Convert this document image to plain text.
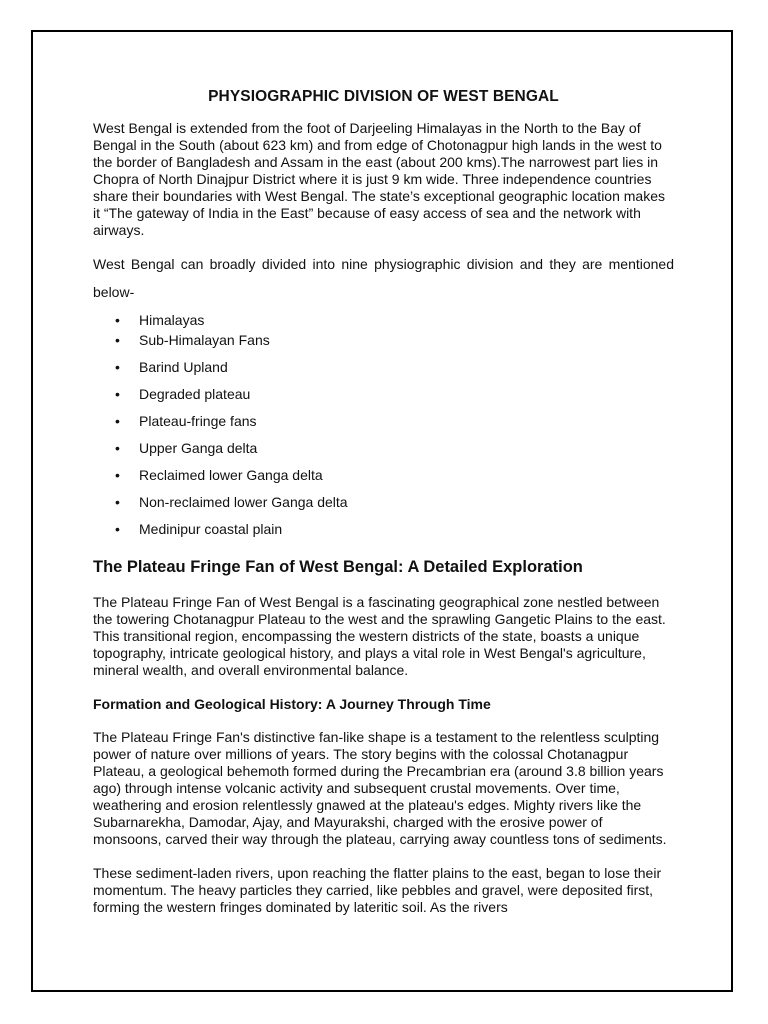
PHYSIOGRAPHIC DIVISION OF WEST BENGAL

West Bengal is extended from the foot of Darjeeling Himalayas in the North to the Bay of Bengal in the South (about 623 km) and from edge of Chotonagpur high lands in the west to the border of Bangladesh and Assam in the east (about 200 kms).The narrowest part lies in Chopra of North Dinajpur District where it is just 9 km wide. Three independence countries share their boundaries with West Bengal. The state’s exceptional geographic location makes it “The gateway of India in the East” because of easy access of sea and the network with airways.

West Bengal can broadly divided into nine physiographic division and they are mentioned below-

• Himalayas
• Sub-Himalayan Fans
• Barind Upland
• Degraded plateau
• Plateau-fringe fans
• Upper Ganga delta
• Reclaimed lower Ganga delta
• Non-reclaimed lower Ganga delta
• Medinipur coastal plain
The Plateau Fringe Fan of West Bengal: A Detailed Exploration

The Plateau Fringe Fan of West Bengal is a fascinating geographical zone nestled between the towering Chotanagpur Plateau to the west and the sprawling Gangetic Plains to the east. This transitional region, encompassing the western districts of the state, boasts a unique topography, intricate geological history, and plays a vital role in West Bengal's agriculture, mineral wealth, and overall environmental balance.

Formation and Geological History: A Journey Through Time

The Plateau Fringe Fan's distinctive fan-like shape is a testament to the relentless sculpting power of nature over millions of years. The story begins with the colossal Chotanagpur Plateau, a geological behemoth formed during the Precambrian era (around 3.8 billion years ago) through intense volcanic activity and subsequent crustal movements. Over time, weathering and erosion relentlessly gnawed at the plateau's edges. Mighty rivers like the Subarnarekha, Damodar, Ajay, and Mayurakshi, charged with the erosive power of monsoons, carved their way through the plateau, carrying away countless tons of sediments.

These sediment-laden rivers, upon reaching the flatter plains to the east, began to lose their momentum. The heavy particles they carried, like pebbles and gravel, were deposited first, forming the western fringes dominated by lateritic soil. As the rivers
